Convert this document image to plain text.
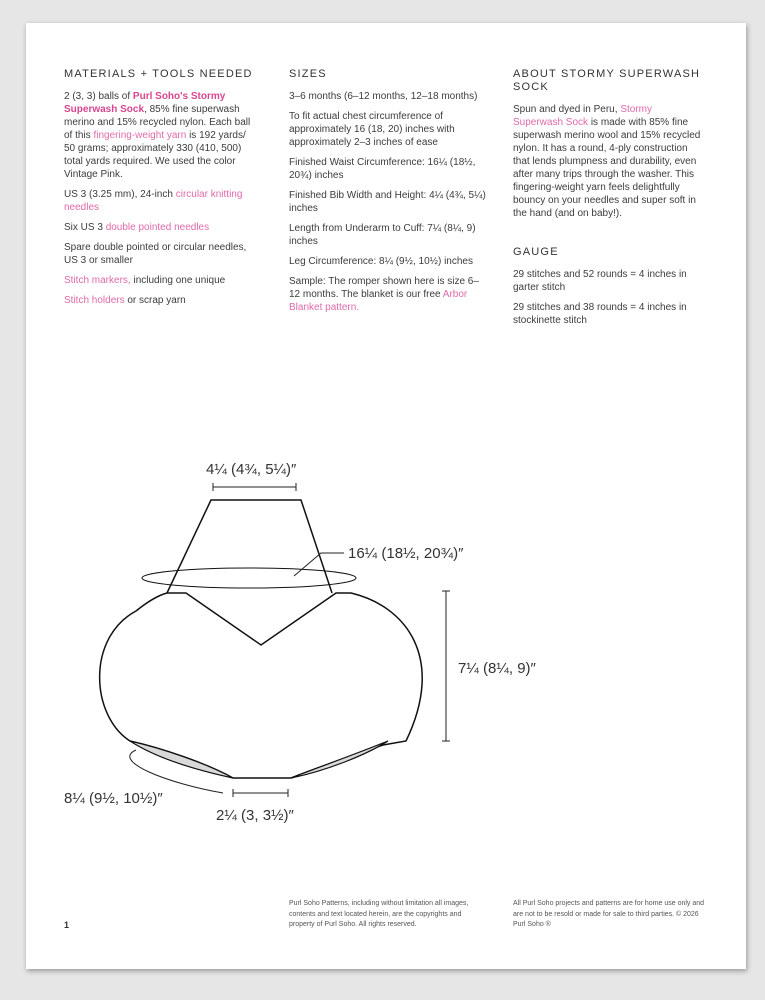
MATERIALS + TOOLS NEEDED

2 (3, 3) balls of Purl Soho's Stormy Superwash Sock, 85% fine superwash merino and 15% recycled nylon. Each ball of this fingering-weight yarn is 192 yards/ 50 grams; approximately 330 (410, 500) total yards required. We used the color Vintage Pink.

US 3 (3.25 mm), 24-inch circular knitting needles

Six US 3 double pointed needles

Spare double pointed or circular needles, US 3 or smaller

Stitch markers, including one unique

Stitch holders or scrap yarn

SIZES

3–6 months (6–12 months, 12–18 months)

To fit actual chest circumference of approximately 16 (18, 20) inches with approximately 2–3 inches of ease

Finished Waist Circumference: 16¼ (18½, 20¾) inches

Finished Bib Width and Height: 4¼ (4¾, 5¼) inches

Length from Underarm to Cuff: 7¼ (8¼, 9) inches

Leg Circumference: 8¼ (9½, 10½) inches

Sample: The romper shown here is size 6–12 months. The blanket is our free Arbor Blanket pattern.

ABOUT STORMY SUPERWASH SOCK

Spun and dyed in Peru, Stormy Superwash Sock is made with 85% fine superwash merino wool and 15% recycled nylon. It has a round, 4-ply construction that lends plumpness and durability, even after many trips through the washer. This fingering-weight yarn feels delightfully bouncy on your needles and super soft in the hand (and on baby!).

GAUGE

29 stitches and 52 rounds = 4 inches in garter stitch

29 stitches and 38 rounds = 4 inches in stockinette stitch

4¼ (4¾, 5¼)″
16¼ (18½, 20¾)″
7¼ (8¼, 9)″
8¼ (9½, 10½)″
2¼ (3, 3½)″
Purl Soho Patterns, including without limitation all images, contents and text located herein, are the copyrights and property of Purl Soho. All rights reserved.
All Purl Soho projects and patterns are for home use only and are not to be resold or made for sale to third parties. © 2026 Purl Soho ®
1
